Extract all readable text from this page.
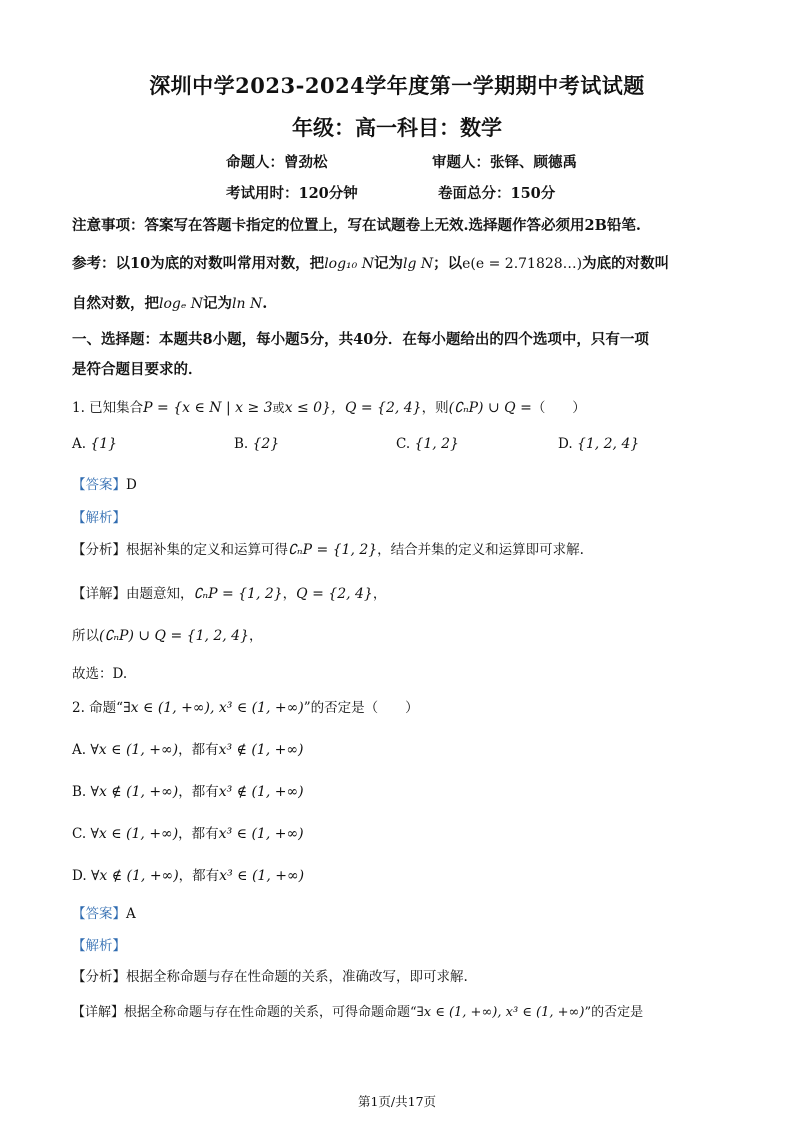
深圳中学2023-2024学年度第一学期期中考试试题
年级：高一科目：数学
命题人：曾劲松	审题人：张铎、顾德禹
考试用时：120分钟	卷面总分：150分
注意事项：答案写在答题卡指定的位置上，写在试题卷上无效.选择题作答必须用2B铅笔.
参考：以10为底的对数叫常用对数，把log₁₀ N记为lg N；以e(e = 2.71828…)为底的对数叫
自然对数，把logₑ N记为ln N.
一、选择题：本题共8小题，每小题5分，共40分．在每小题给出的四个选项中，只有一项
是符合题目要求的．
1. 已知集合P = {x ∈ N | x ≥ 3或x ≤ 0}，Q = {2, 4}，则(∁ₙP) ∪ Q =（　　）
A. {1}	B. {2}	C. {1, 2}	D. {1, 2, 4}
【答案】D
【解析】
【分析】根据补集的定义和运算可得∁ₙP = {1, 2}，结合并集的定义和运算即可求解.
【详解】由题意知，∁ₙP = {1, 2}，Q = {2, 4}，
所以(∁ₙP) ∪ Q = {1, 2, 4}，
故选：D.
2. 命题“∃x ∈ (1, +∞), x³ ∈ (1, +∞)”的否定是（　　）
A. ∀x ∈ (1, +∞)，都有x³ ∉ (1, +∞)
B. ∀x ∉ (1, +∞)，都有x³ ∉ (1, +∞)
C. ∀x ∈ (1, +∞)，都有x³ ∈ (1, +∞)
D. ∀x ∉ (1, +∞)，都有x³ ∈ (1, +∞)
【答案】A
【解析】
【分析】根据全称命题与存在性命题的关系，准确改写，即可求解.
【详解】根据全称命题与存在性命题的关系，可得命题命题“∃x ∈ (1, +∞), x³ ∈ (1, +∞)”的否定是
第1页/共17页
